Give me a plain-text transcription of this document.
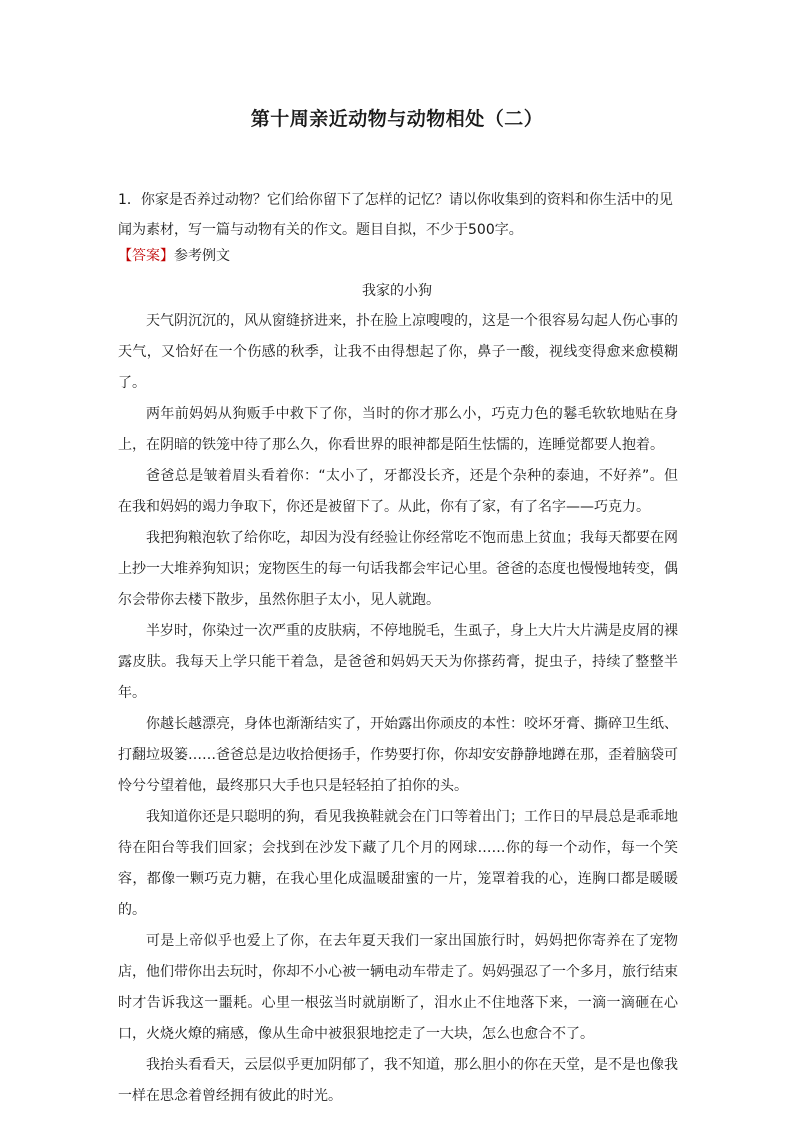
第十周亲近动物与动物相处（二）
1．你家是否养过动物？它们给你留下了怎样的记忆？请以你收集到的资料和你生活中的见闻为素材，写一篇与动物有关的作文。题目自拟，不少于500字。
【答案】参考例文
我家的小狗

天气阴沉沉的，风从窗缝挤进来，扑在脸上凉嗖嗖的，这是一个很容易勾起人伤心事的天气，又恰好在一个伤感的秋季，让我不由得想起了你，鼻子一酸，视线变得愈来愈模糊了。

两年前妈妈从狗贩手中救下了你，当时的你才那么小，巧克力色的鬈毛软软地贴在身上，在阴暗的铁笼中待了那么久，你看世界的眼神都是陌生怯懦的，连睡觉都要人抱着。

爸爸总是皱着眉头看着你：“太小了，牙都没长齐，还是个杂种的泰迪，不好养”。但在我和妈妈的竭力争取下，你还是被留下了。从此，你有了家，有了名字——巧克力。

我把狗粮泡软了给你吃，却因为没有经验让你经常吃不饱而患上贫血；我每天都要在网上抄一大堆养狗知识；宠物医生的每一句话我都会牢记心里。爸爸的态度也慢慢地转变，偶尔会带你去楼下散步，虽然你胆子太小，见人就跑。

半岁时，你染过一次严重的皮肤病，不停地脱毛，生虱子，身上大片大片满是皮屑的裸露皮肤。我每天上学只能干着急，是爸爸和妈妈天天为你搽药膏，捉虫子，持续了整整半年。

你越长越漂亮，身体也渐渐结实了，开始露出你顽皮的本性：咬坏牙膏、撕碎卫生纸、打翻垃圾篓……爸爸总是边收拾便扬手，作势要打你，你却安安静静地蹲在那，歪着脑袋可怜兮兮望着他，最终那只大手也只是轻轻拍了拍你的头。

我知道你还是只聪明的狗，看见我换鞋就会在门口等着出门；工作日的早晨总是乖乖地待在阳台等我们回家；会找到在沙发下藏了几个月的网球……你的每一个动作，每一个笑容，都像一颗巧克力糖，在我心里化成温暖甜蜜的一片，笼罩着我的心，连胸口都是暖暖的。

可是上帝似乎也爱上了你，在去年夏天我们一家出国旅行时，妈妈把你寄养在了宠物店，他们带你出去玩时，你却不小心被一辆电动车带走了。妈妈强忍了一个多月，旅行结束时才告诉我这一噩耗。心里一根弦当时就崩断了，泪水止不住地落下来，一滴一滴砸在心口，火烧火燎的痛感，像从生命中被狠狠地挖走了一大块，怎么也愈合不了。

我抬头看看天，云层似乎更加阴郁了，我不知道，那么胆小的你在天堂，是不是也像我一样在思念着曾经拥有彼此的时光。
